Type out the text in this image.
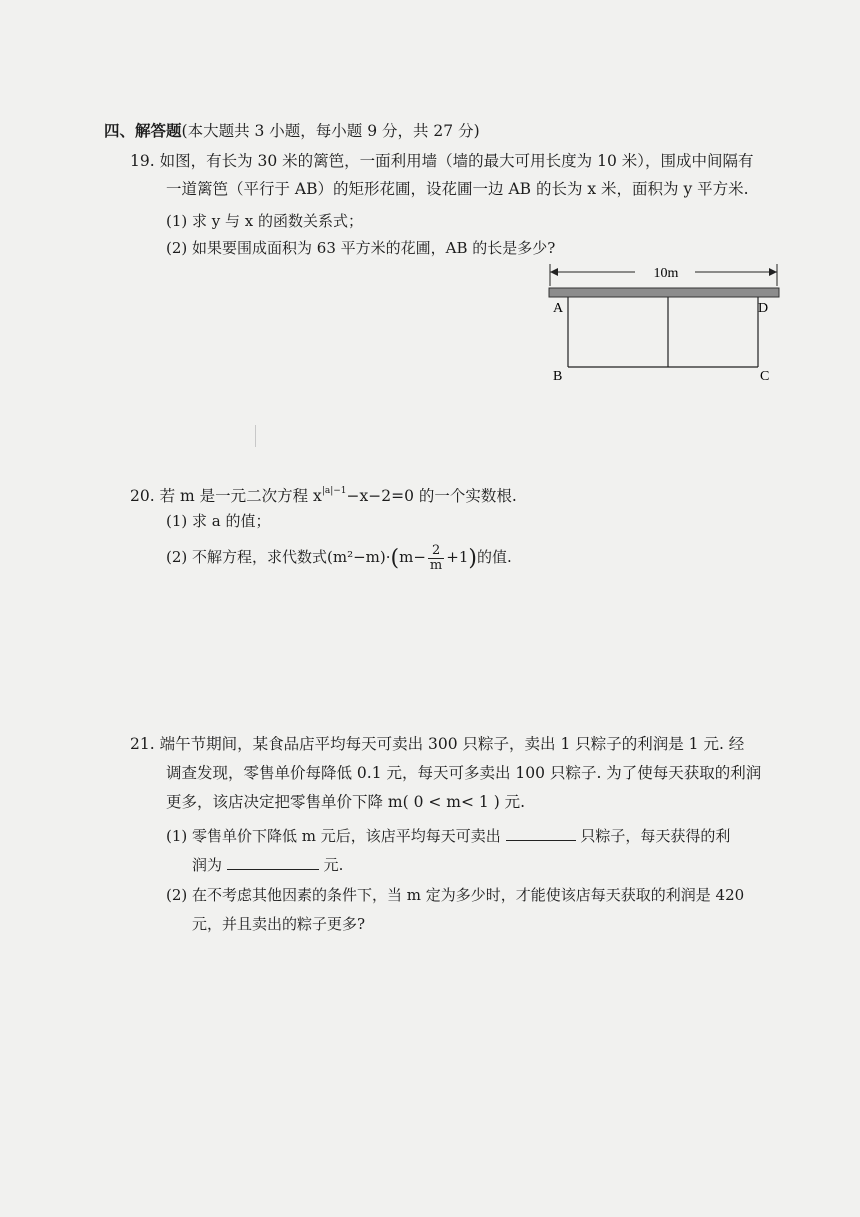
四、解答题(本大题共 3 小题，每小题 9 分，共 27 分)
19. 如图，有长为 30 米的篱笆，一面利用墙（墙的最大可用长度为 10 米），围成中间隔有
一道篱笆（平行于 AB）的矩形花圃，设花圃一边 AB 的长为 x 米，面积为 y 平方米.
(1) 求 y 与 x 的函数关系式；
(2) 如果要围成面积为 63 平方米的花圃，AB 的长是多少?
10m
A	D
B	C
20. 若 m 是一元二次方程 $x^{|a|-1}-x-2=0$ 的一个实数根.
(1) 求 a 的值；
(2) 不解方程，求代数式$(m^2-m)\cdot(m- \frac{2}{m} +1)$的值.
21. 端午节期间，某食品店平均每天可卖出 300 只粽子，卖出 1 只粽子的利润是 1 元. 经
调查发现，零售单价每降低 0.1 元，每天可多卖出 100 只粽子. 为了使每天获取的利润
更多，该店决定把零售单价下降 m( 0 < m< 1 ) 元.
(1) 零售单价下降低 m 元后，该店平均每天可卖出	只粽子，每天获得的利
润为	元.
(2) 在不考虑其他因素的条件下，当 m 定为多少时，才能使该店每天获取的利润是 420
元，并且卖出的粽子更多?
